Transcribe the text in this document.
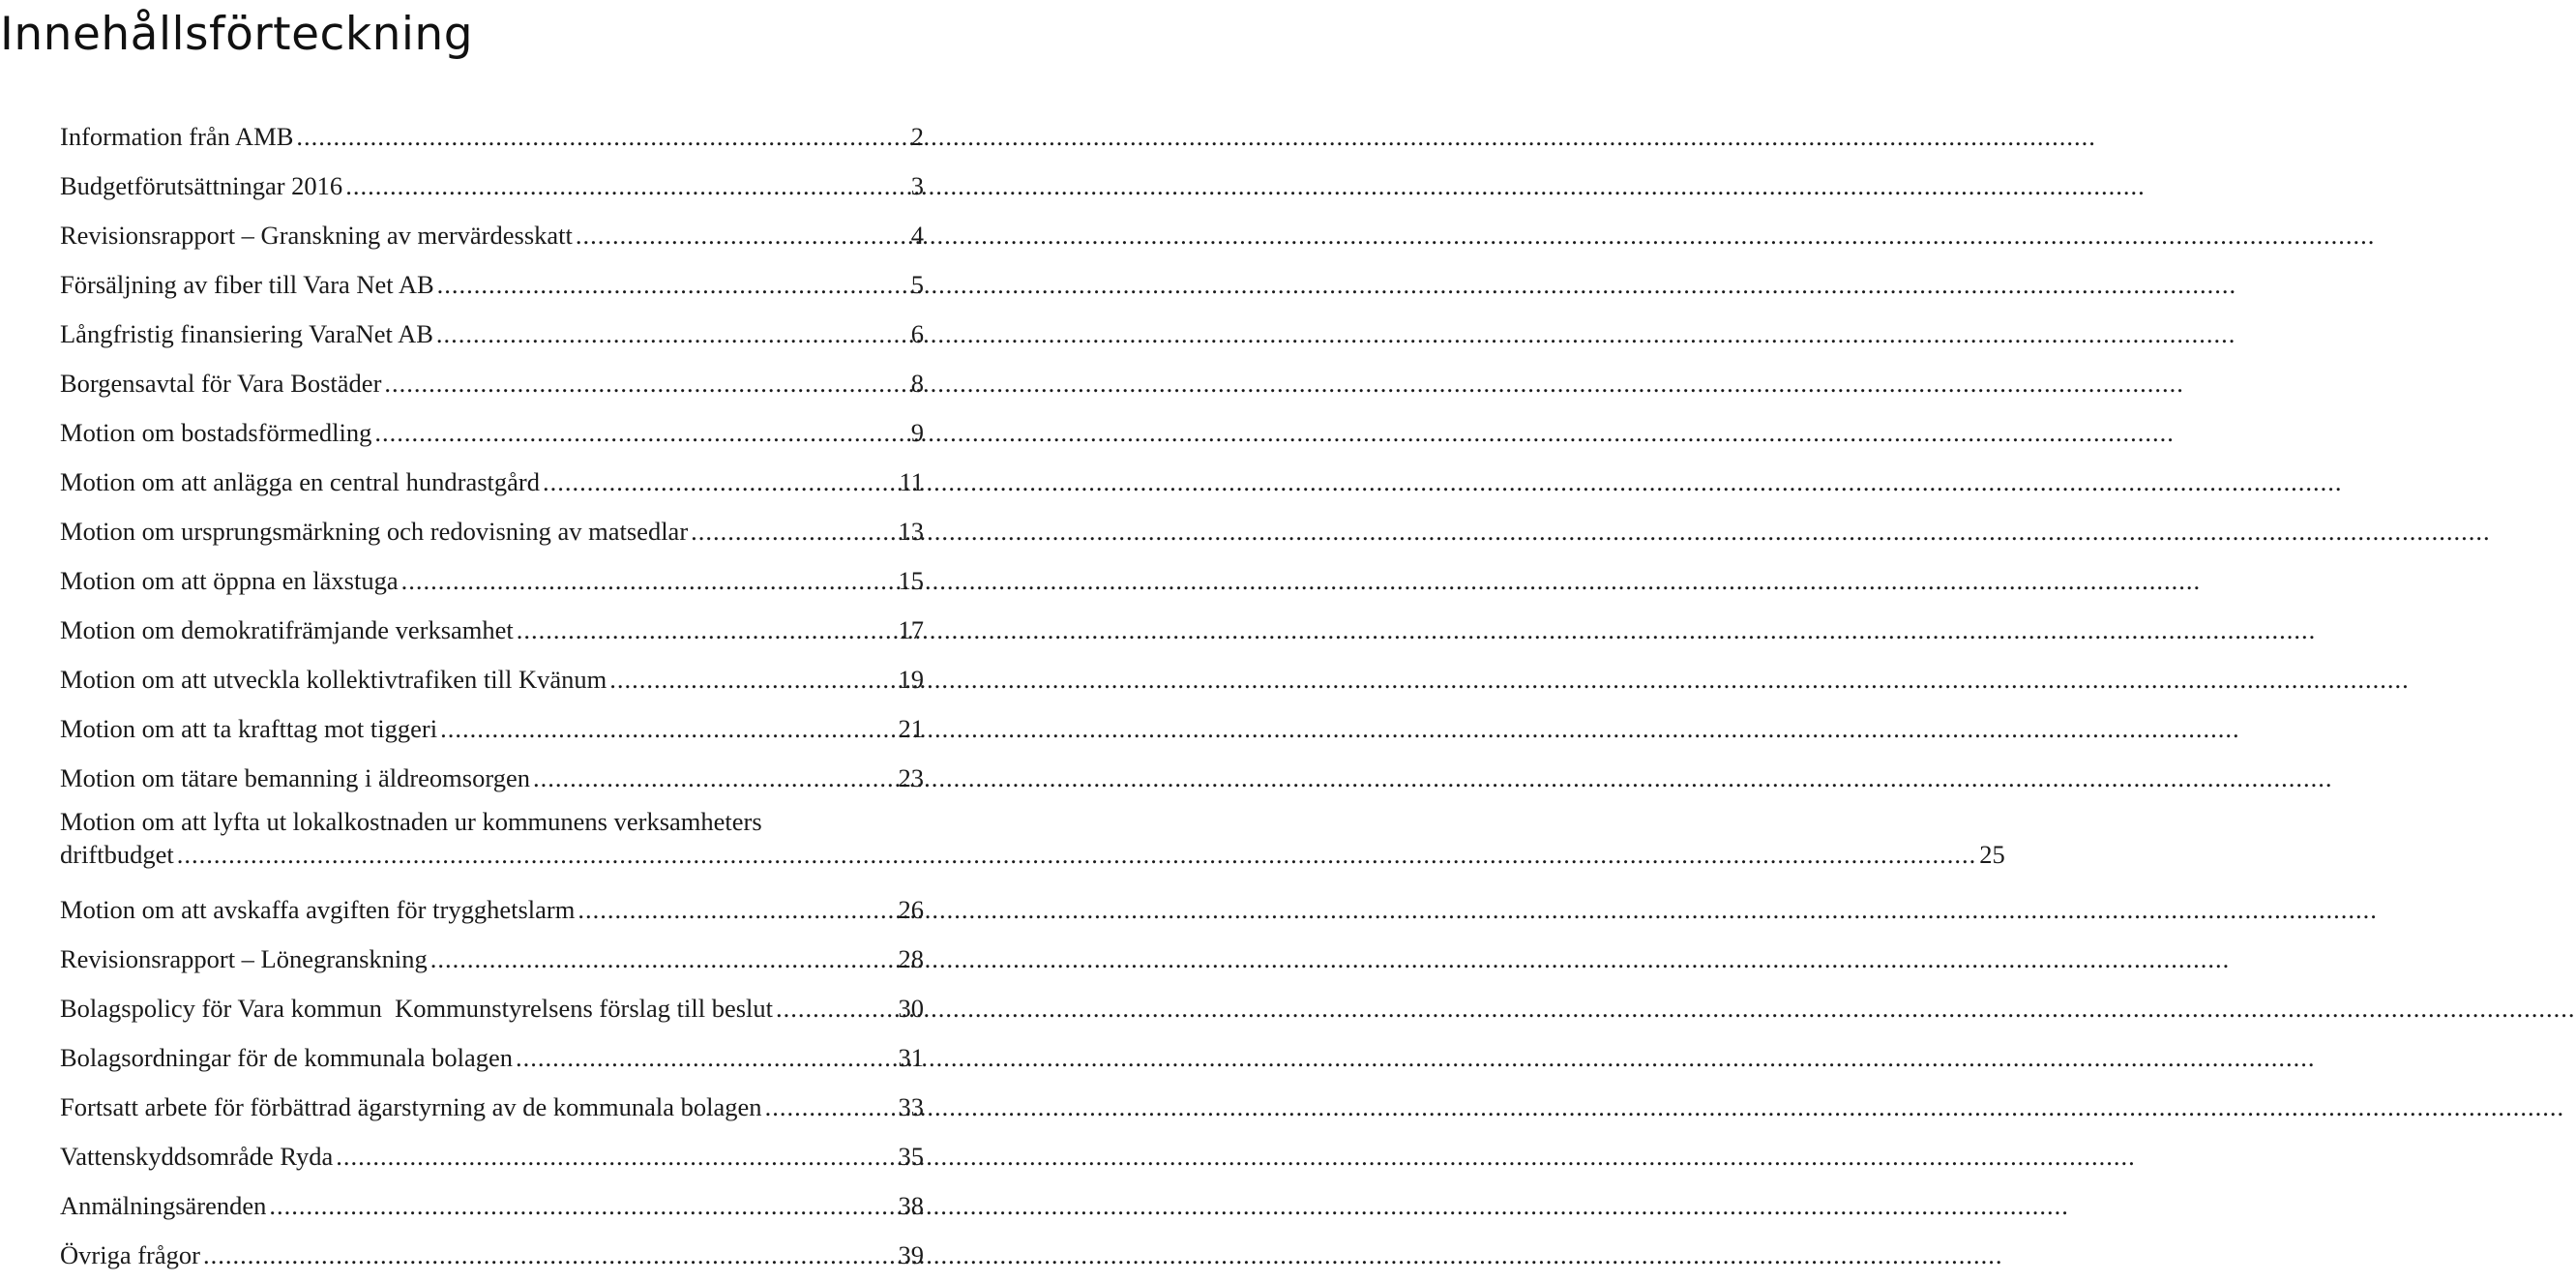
Innehållsförteckning
Information från AMB .....	2
Budgetförutsättningar 2016 .....	3
Revisionsrapport – Granskning av mervärdesskatt .....	4
Försäljning av fiber till Vara Net AB .....	5
Långfristig finansiering VaraNet AB .....	6
Borgensavtal för Vara Bostäder .....	8
Motion om bostadsförmedling .....	9
Motion om att anlägga en central hundrastgård .....	11
Motion om ursprungsmärkning och redovisning av matsedlar .....	13
Motion om att öppna en läxstuga .....	15
Motion om demokratifrämjande verksamhet .....	17
Motion om att utveckla kollektivtrafiken till Kvänum .....	19
Motion om att ta krafttag mot tiggeri .....	21
Motion om tätare bemanning i äldreomsorgen .....	23
Motion om att lyfta ut lokalkostnaden ur kommunens verksamheters
driftbudget .....	25
Motion om att avskaffa avgiften för trygghetslarm .....	26
Revisionsrapport – Lönegranskning .....	28
Bolagspolicy för Vara kommun  Kommunstyrelsens förslag till beslut .....	30
Bolagsordningar för de kommunala bolagen .....	31
Fortsatt arbete för förbättrad ägarstyrning av de kommunala bolagen .....	33
Vattenskyddsområde Ryda .....	35
Anmälningsärenden .....	38
Övriga frågor .....	39
